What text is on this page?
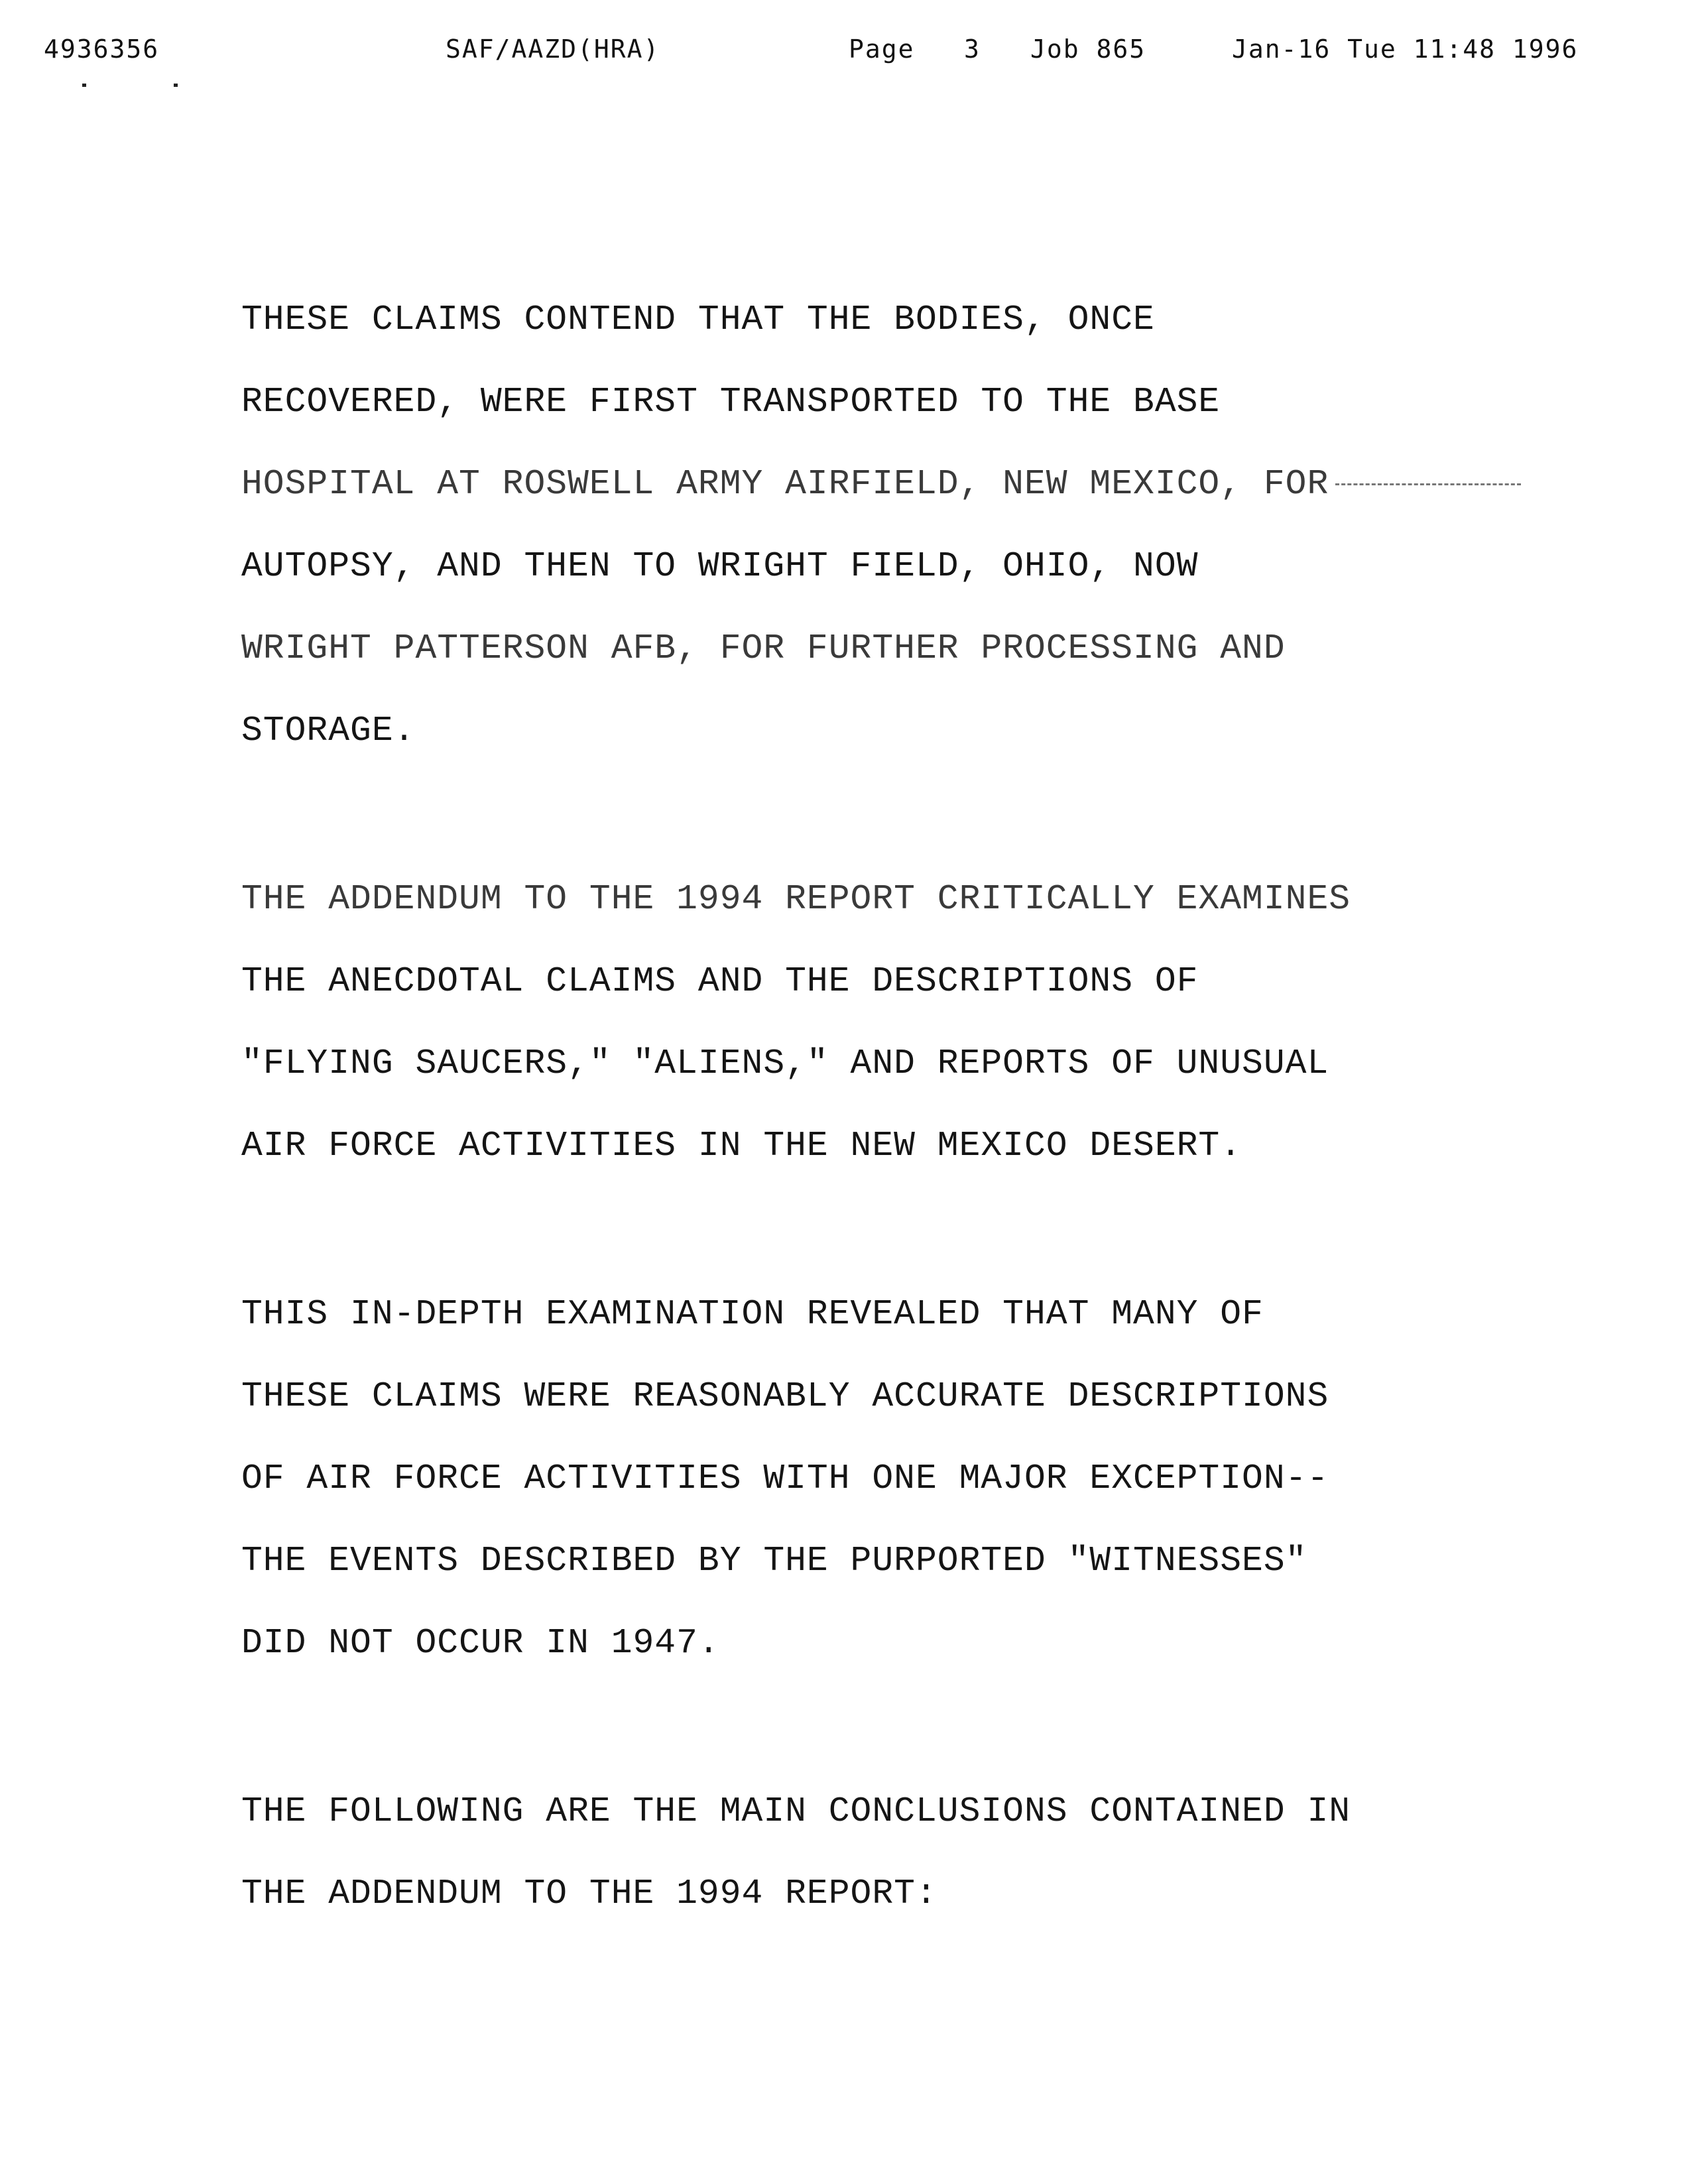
4936356	SAF/AAZD(HRA)	Page 3 Job 865	Jan-16 Tue 11:48 1996
THESE CLAIMS CONTEND THAT THE BODIES, ONCE
RECOVERED, WERE FIRST TRANSPORTED TO THE BASE
HOSPITAL AT ROSWELL ARMY AIRFIELD, NEW MEXICO, FOR
AUTOPSY, AND THEN TO WRIGHT FIELD, OHIO, NOW
WRIGHT PATTERSON AFB, FOR FURTHER PROCESSING AND
STORAGE.
THE ADDENDUM TO THE 1994 REPORT CRITICALLY EXAMINES
THE ANECDOTAL CLAIMS AND THE DESCRIPTIONS OF
"FLYING SAUCERS," "ALIENS," AND REPORTS OF UNUSUAL
AIR FORCE ACTIVITIES IN THE NEW MEXICO DESERT.
THIS IN-DEPTH EXAMINATION REVEALED THAT MANY OF
THESE CLAIMS WERE REASONABLY ACCURATE DESCRIPTIONS
OF AIR FORCE ACTIVITIES WITH ONE MAJOR EXCEPTION--
THE EVENTS DESCRIBED BY THE PURPORTED "WITNESSES"
DID NOT OCCUR IN 1947.
THE FOLLOWING ARE THE MAIN CONCLUSIONS CONTAINED IN
THE ADDENDUM TO THE 1994 REPORT:
